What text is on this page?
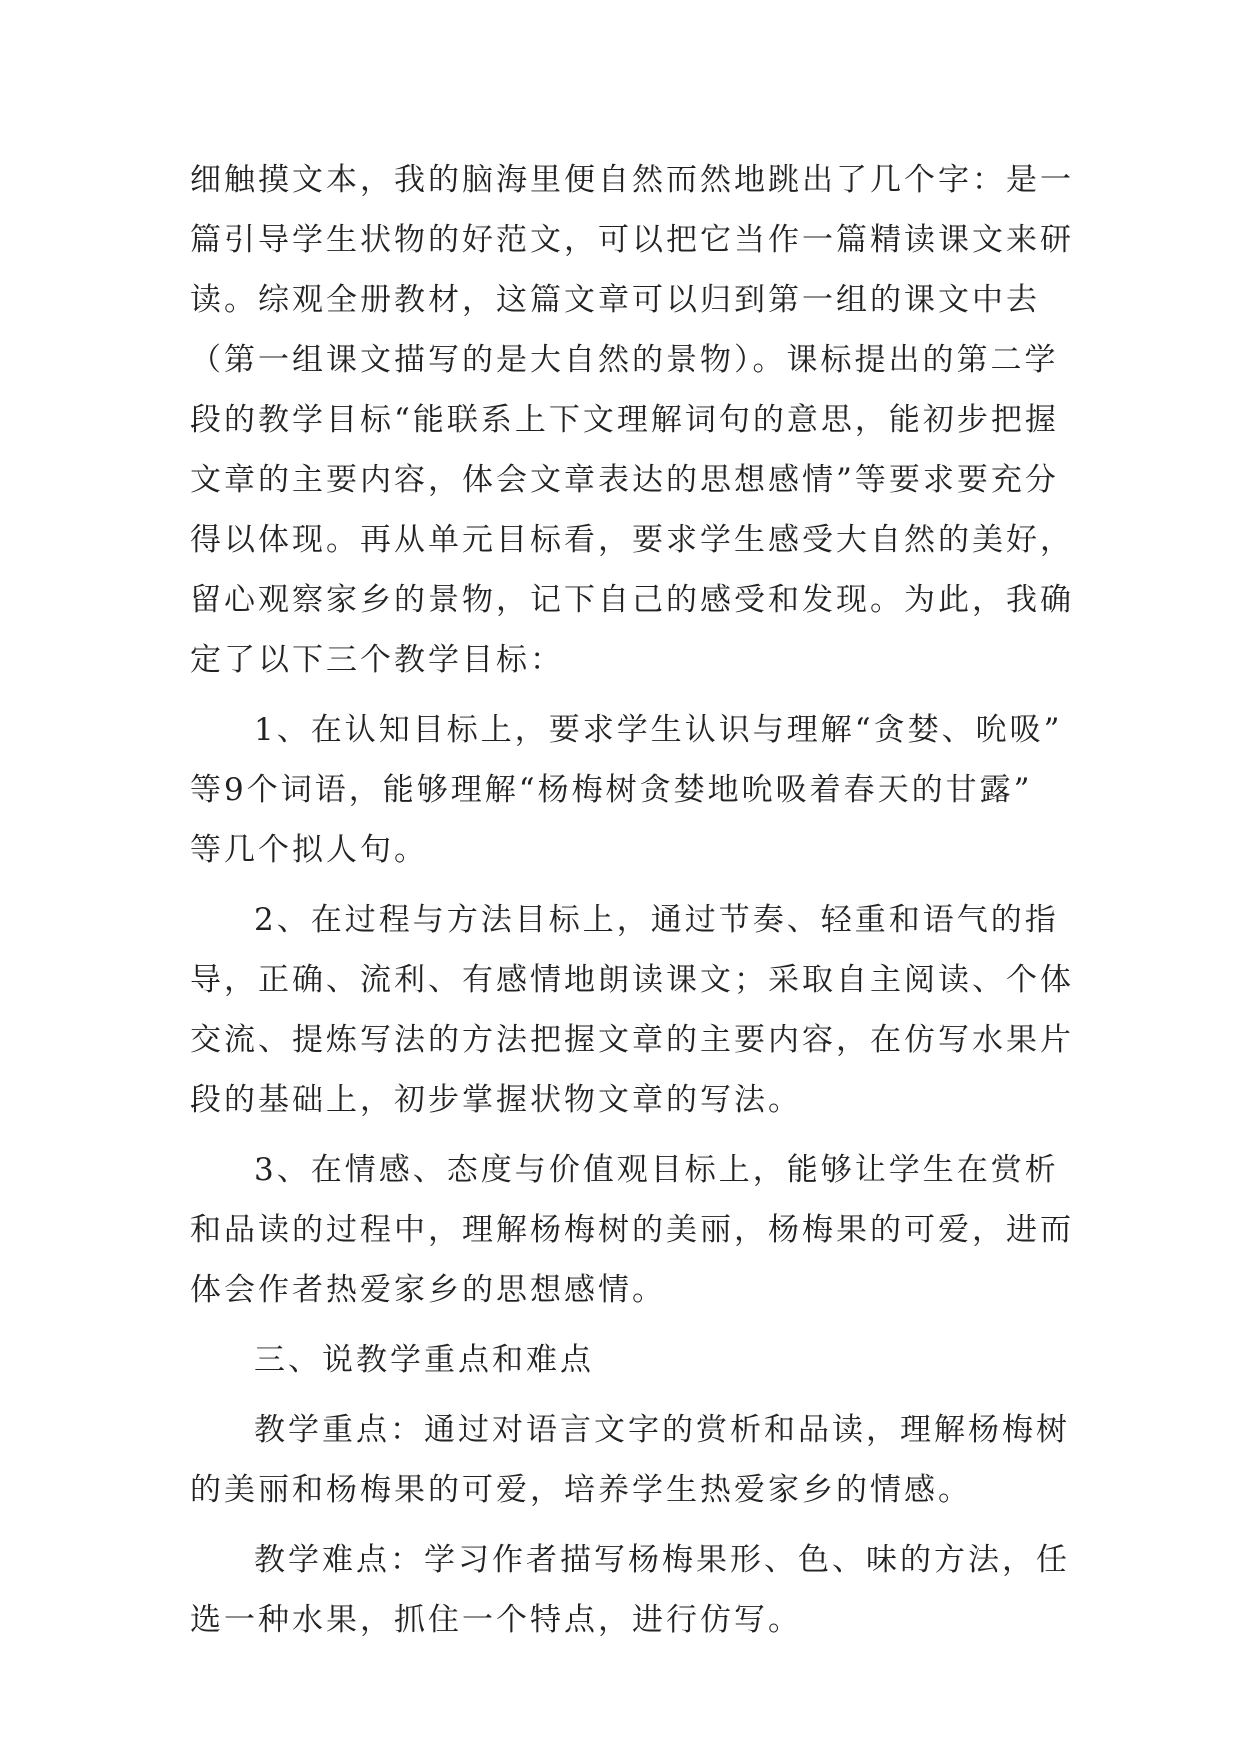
细触摸文本，我的脑海里便自然而然地跳出了几个字：是一
篇引导学生状物的好范文，可以把它当作一篇精读课文来研
读。综观全册教材，这篇文章可以归到第一组的课文中去
（第一组课文描写的是大自然的景物）。课标提出的第二学
段的教学目标“能联系上下文理解词句的意思，能初步把握
文章的主要内容，体会文章表达的思想感情”等要求要充分
得以体现。再从单元目标看，要求学生感受大自然的美好，
留心观察家乡的景物，记下自己的感受和发现。为此，我确
定了以下三个教学目标：
1、在认知目标上，要求学生认识与理解“贪婪、吮吸”
等9个词语，能够理解“杨梅树贪婪地吮吸着春天的甘露”
等几个拟人句。
2、在过程与方法目标上，通过节奏、轻重和语气的指
导，正确、流利、有感情地朗读课文；采取自主阅读、个体
交流、提炼写法的方法把握文章的主要内容，在仿写水果片
段的基础上，初步掌握状物文章的写法。
3、在情感、态度与价值观目标上，能够让学生在赏析
和品读的过程中，理解杨梅树的美丽，杨梅果的可爱，进而
体会作者热爱家乡的思想感情。
三、说教学重点和难点
教学重点：通过对语言文字的赏析和品读，理解杨梅树
的美丽和杨梅果的可爱，培养学生热爱家乡的情感。
教学难点：学习作者描写杨梅果形、色、味的方法，任
选一种水果，抓住一个特点，进行仿写。
